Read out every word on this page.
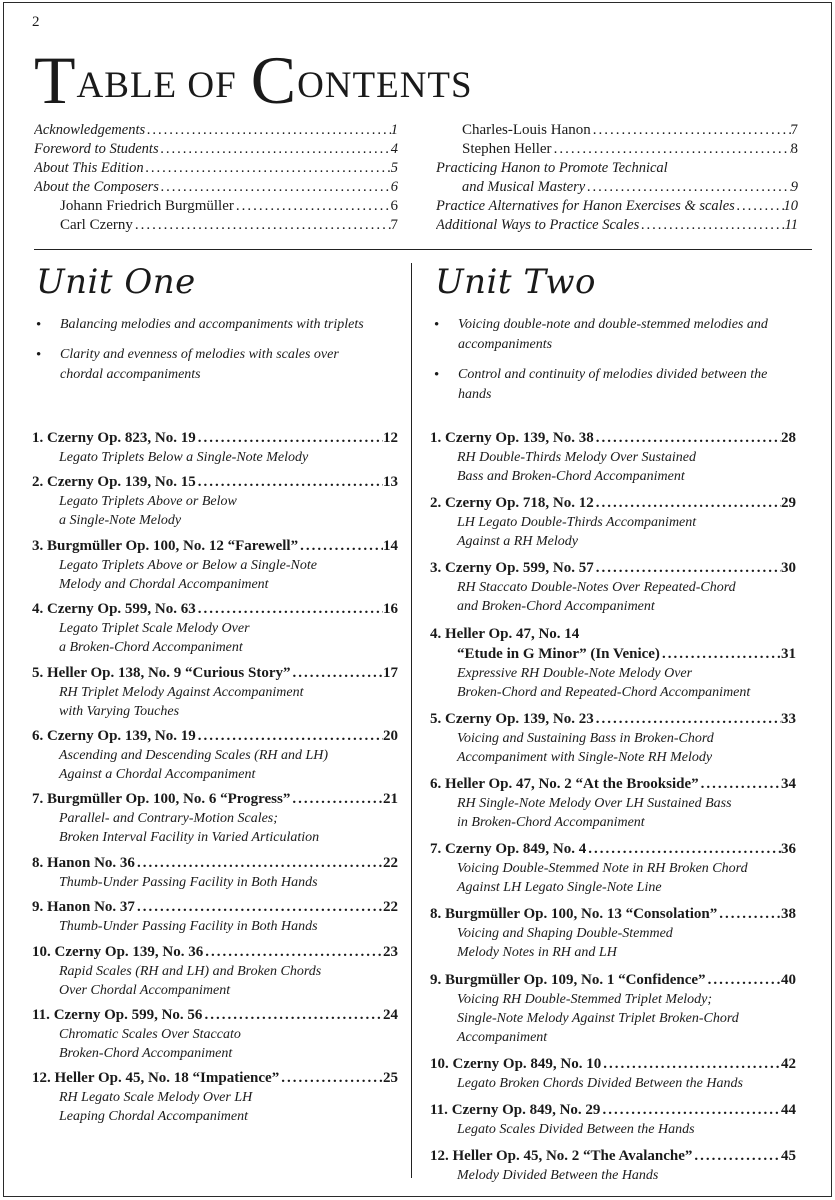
2
TABLE OF CONTENTS
Acknowledgements .....	1
Foreword to Students .....	4
About This Edition .....	5
About the Composers .....	6
Johann Friedrich Burgmüller .....	6
Carl Czerny .....	7
Charles-Louis Hanon .....	7
Stephen Heller .....	8
Practicing Hanon to Promote Technical
and Musical Mastery .....	9
Practice Alternatives for Hanon Exercises & scales .....	10
Additional Ways to Practice Scales .....	11
Unit One	Unit Two
• Balancing melodies and accompaniments with triplets
• Clarity and evenness of melodies with scales over chordal accompaniments
• Voicing double-note and double-stemmed melodies and accompaniments
• Control and continuity of melodies divided between the hands
1. Czerny Op. 823, No. 19 .....	12
Legato Triplets Below a Single-Note Melody
2. Czerny Op. 139, No. 15 .....	13
Legato Triplets Above or Below
a Single-Note Melody
3. Burgmüller Op. 100, No. 12 “Farewell” .....	14
Legato Triplets Above or Below a Single-Note
Melody and Chordal Accompaniment
4. Czerny Op. 599, No. 63 .....	16
Legato Triplet Scale Melody Over
a Broken-Chord Accompaniment
5. Heller Op. 138, No. 9 “Curious Story” .....	17
RH Triplet Melody Against Accompaniment
with Varying Touches
6. Czerny Op. 139, No. 19 .....	20
Ascending and Descending Scales (RH and LH)
Against a Chordal Accompaniment
7. Burgmüller Op. 100, No. 6 “Progress” .....	21
Parallel- and Contrary-Motion Scales;
Broken Interval Facility in Varied Articulation
8. Hanon No. 36 .....	22
Thumb-Under Passing Facility in Both Hands
9. Hanon No. 37 .....	22
Thumb-Under Passing Facility in Both Hands
10. Czerny Op. 139, No. 36 .....	23
Rapid Scales (RH and LH) and Broken Chords
Over Chordal Accompaniment
11. Czerny Op. 599, No. 56 .....	24
Chromatic Scales Over Staccato
Broken-Chord Accompaniment
12. Heller Op. 45, No. 18 “Impatience” .....	25
RH Legato Scale Melody Over LH
Leaping Chordal Accompaniment
1. Czerny Op. 139, No. 38 .....	28
RH Double-Thirds Melody Over Sustained
Bass and Broken-Chord Accompaniment
2. Czerny Op. 718, No. 12 .....	29
LH Legato Double-Thirds Accompaniment
Against a RH Melody
3. Czerny Op. 599, No. 57 .....	30
RH Staccato Double-Notes Over Repeated-Chord
and Broken-Chord Accompaniment
4. Heller Op. 47, No. 14
“Etude in G Minor” (In Venice) .....	31
Expressive RH Double-Note Melody Over
Broken-Chord and Repeated-Chord Accompaniment
5. Czerny Op. 139, No. 23 .....	33
Voicing and Sustaining Bass in Broken-Chord
Accompaniment with Single-Note RH Melody
6. Heller Op. 47, No. 2 “At the Brookside” .....	34
RH Single-Note Melody Over LH Sustained Bass
in Broken-Chord Accompaniment
7. Czerny Op. 849, No. 4 .....	36
Voicing Double-Stemmed Note in RH Broken Chord
Against LH Legato Single-Note Line
8. Burgmüller Op. 100, No. 13 “Consolation” .....	38
Voicing and Shaping Double-Stemmed
Melody Notes in RH and LH
9. Burgmüller Op. 109, No. 1 “Confidence” .....	40
Voicing RH Double-Stemmed Triplet Melody;
Single-Note Melody Against Triplet Broken-Chord
Accompaniment
10. Czerny Op. 849, No. 10 .....	42
Legato Broken Chords Divided Between the Hands
11. Czerny Op. 849, No. 29 .....	44
Legato Scales Divided Between the Hands
12. Heller Op. 45, No. 2 “The Avalanche” .....	45
Melody Divided Between the Hands
